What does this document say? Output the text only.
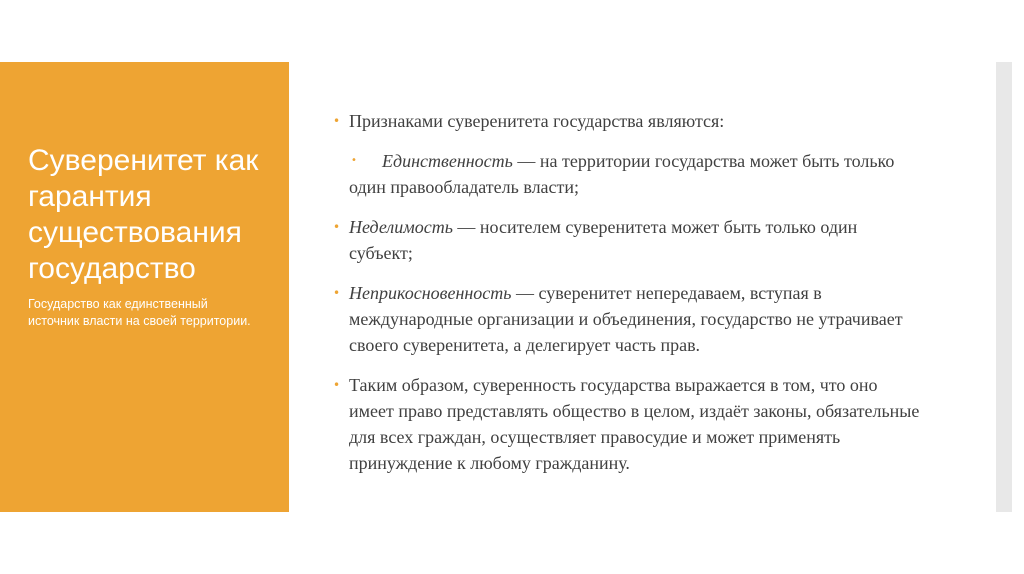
Суверенитет как гарантия существования государство

Государство как единственный источник власти на своей территории.

• Признаками суверенитета государства являются:
• Единственность — на территории государства может быть только один правообладатель власти;
• Неделимость — носителем суверенитета может быть только один субъект;
• Неприкосновенность — суверенитет непередаваем, вступая в международные организации и объединения, государство не утрачивает своего суверенитета, а делегирует часть прав.
• Таким образом, суверенность государства выражается в том, что оно имеет право представлять общество в целом, издаёт законы, обязательные для всех граждан, осуществляет правосудие и может применять принуждение к любому гражданину.
